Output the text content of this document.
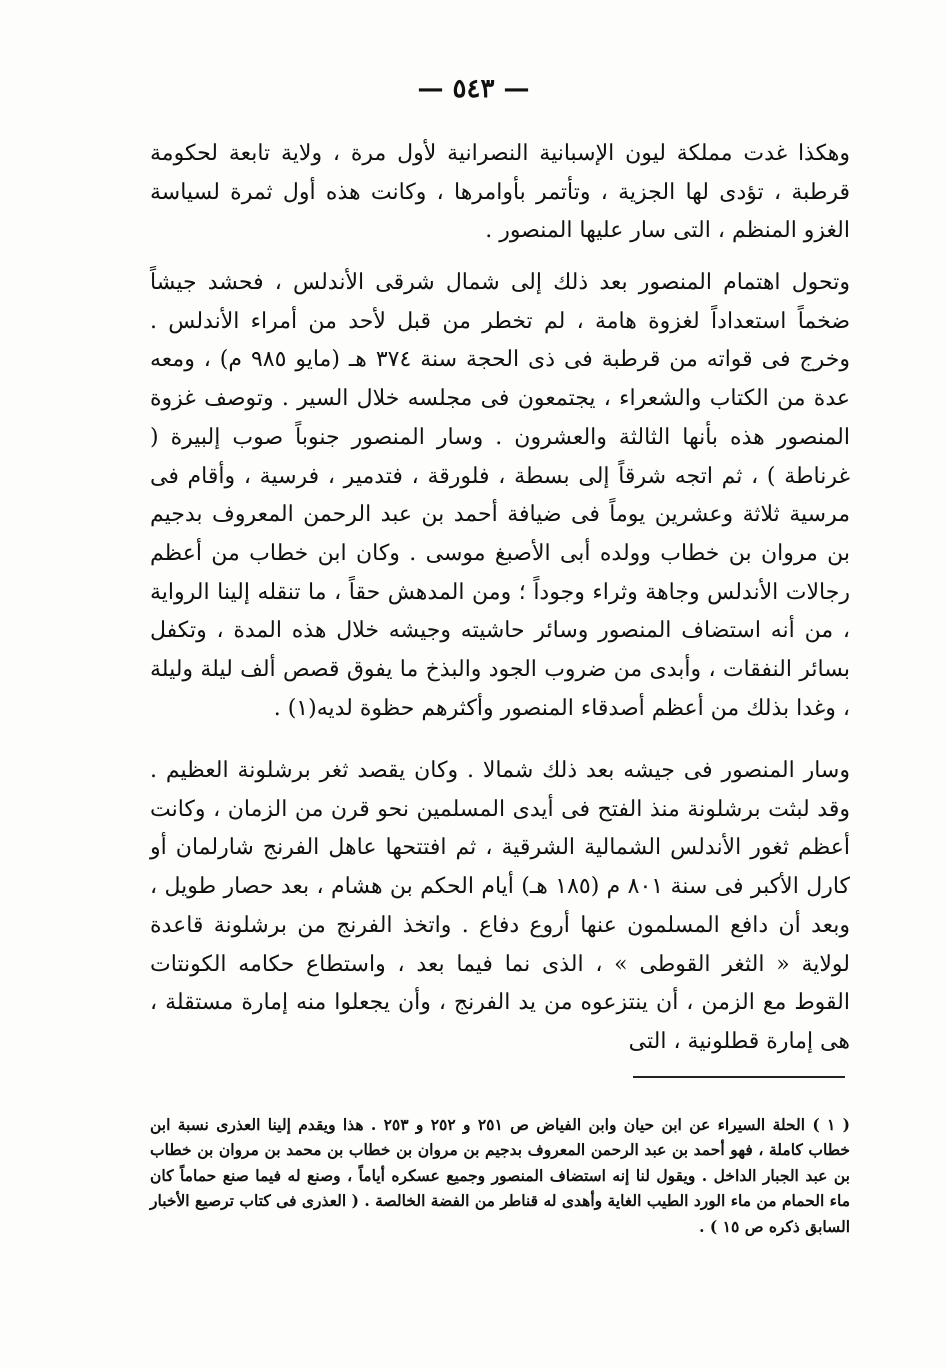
— ٥٤٣ —

وهكذا غدت مملكة ليون الإسبانية النصرانية لأول مرة ، ولاية تابعة لحكومة قرطبة ، تؤدى لها الجزية ، وتأتمر بأوامرها ، وكانت هذه أول ثمرة لسياسة الغزو المنظم ، التى سار عليها المنصور .

وتحول اهتمام المنصور بعد ذلك إلى شمال شرقى الأندلس ، فحشد جيشاً ضخماً استعداداً لغزوة هامة ، لم تخطر من قبل لأحد من أمراء الأندلس . وخرج فى قواته من قرطبة فى ذى الحجة سنة ٣٧٤ هـ (مايو ٩٨٥ م) ، ومعه عدة من الكتاب والشعراء ، يجتمعون فى مجلسه خلال السير . وتوصف غزوة المنصور هذه بأنها الثالثة والعشرون . وسار المنصور جنوباً صوب إلبيرة ( غرناطة ) ، ثم اتجه شرقاً إلى بسطة ، فلورقة ، فتدمير ، فرسية ، وأقام فى مرسية ثلاثة وعشرين يوماً فى ضيافة أحمد بن عبد الرحمن المعروف بدجيم بن مروان بن خطاب وولده أبى الأصبغ موسى . وكان ابن خطاب من أعظم رجالات الأندلس وجاهة وثراء وجوداً ؛ ومن المدهش حقاً ، ما تنقله إلينا الرواية ، من أنه استضاف المنصور وسائر حاشيته وجيشه خلال هذه المدة ، وتكفل بسائر النفقات ، وأبدى من ضروب الجود والبذخ ما يفوق قصص ألف ليلة وليلة ، وغدا بذلك من أعظم أصدقاء المنصور وأكثرهم حظوة لديه(١) .

وسار المنصور فى جيشه بعد ذلك شمالا . وكان يقصد ثغر برشلونة العظيم . وقد لبثت برشلونة منذ الفتح فى أيدى المسلمين نحو قرن من الزمان ، وكانت أعظم ثغور الأندلس الشمالية الشرقية ، ثم افتتحها عاهل الفرنج شارلمان أو كارل الأكبر فى سنة ٨٠١ م (١٨٥ هـ) أيام الحكم بن هشام ، بعد حصار طويل ، وبعد أن دافع المسلمون عنها أروع دفاع . واتخذ الفرنج من برشلونة قاعدة لولاية « الثغر القوطى » ، الذى نما فيما بعد ، واستطاع حكامه الكونتات القوط مع الزمن ، أن ينتزعوه من يد الفرنج ، وأن يجعلوا منه إمارة مستقلة ، هى إمارة قطلونية ، التى

( ١ ) الحلة السيراء عن ابن حيان وابن الفياض ص ٢٥١ و ٢٥٢ و ٢٥٣ . هذا ويقدم إلينا العذرى نسبة ابن خطاب كاملة ، فهو أحمد بن عبد الرحمن المعروف بدجيم بن مروان بن خطاب بن محمد بن مروان بن خطاب بن عبد الجبار الداخل . ويقول لنا إنه استضاف المنصور وجميع عسكره أياماً ، وصنع له فيما صنع حماماً كان ماء الحمام من ماء الورد الطيب الغاية وأهدى له قناطر من الفضة الخالصة . ( العذرى فى كتاب ترصيع الأخبار السابق ذكره ص ١٥ ) .
